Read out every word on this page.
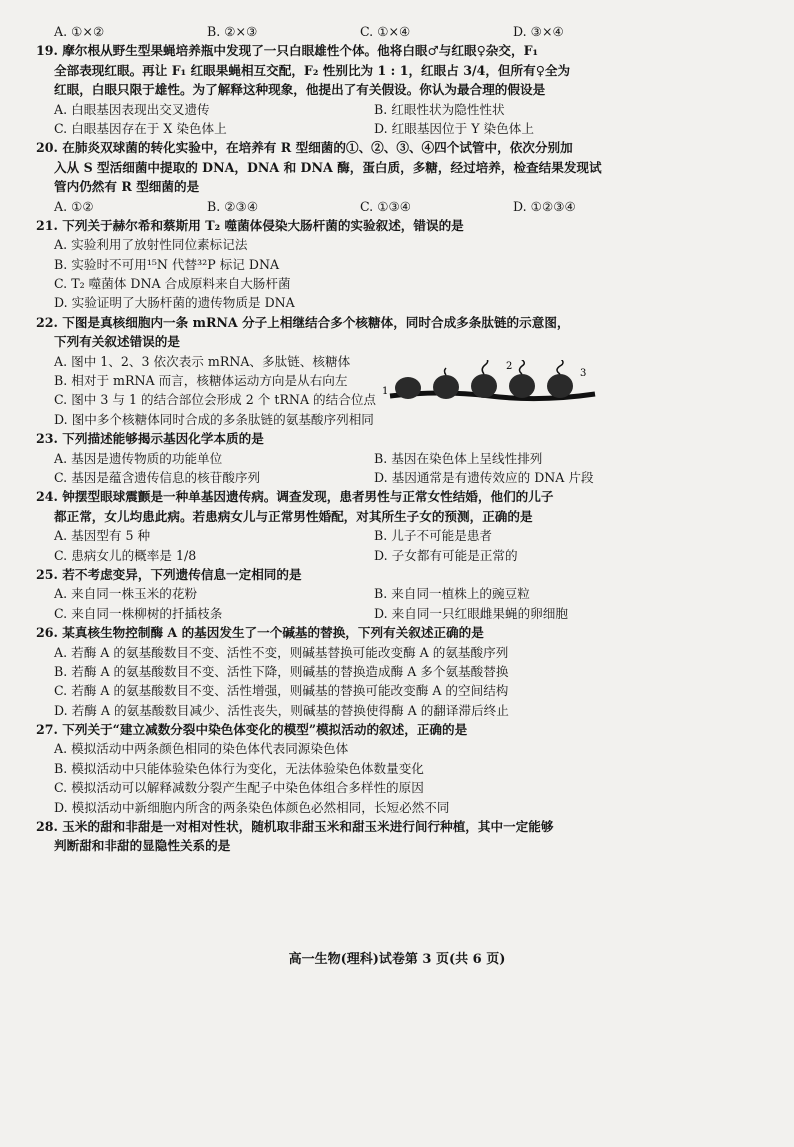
A. ①×②	B. ②×③	C. ①×④	D. ③×④
19. 摩尔根从野生型果蝇培养瓶中发现了一只白眼雄性个体。他将白眼♂与红眼♀杂交，F₁
全部表现红眼。再让 F₁ 红眼果蝇相互交配，F₂ 性别比为 1 : 1，红眼占 3/4，但所有♀全为
红眼，白眼只限于雄性。为了解释这种现象，他提出了有关假设。你认为最合理的假设是
A. 白眼基因表现出交叉遗传	B. 红眼性状为隐性性状
C. 白眼基因存在于 X 染色体上	D. 红眼基因位于 Y 染色体上
20. 在肺炎双球菌的转化实验中，在培养有 R 型细菌的①、②、③、④四个试管中，依次分别加
入从 S 型活细菌中提取的 DNA，DNA 和 DNA 酶，蛋白质，多糖，经过培养，检查结果发现试
管内仍然有 R 型细菌的是
A. ①②	B. ②③④	C. ①③④	D. ①②③④
21. 下列关于赫尔希和蔡斯用 T₂ 噬菌体侵染大肠杆菌的实验叙述，错误的是
A. 实验利用了放射性同位素标记法
B. 实验时不可用¹⁵N 代替³²P 标记 DNA
C. T₂ 噬菌体 DNA 合成原料来自大肠杆菌
D. 实验证明了大肠杆菌的遗传物质是 DNA
22. 下图是真核细胞内一条 mRNA 分子上相继结合多个核糖体，同时合成多条肽链的示意图，
下列有关叙述错误的是
A. 图中 1、2、3 依次表示 mRNA、多肽链、核糖体
B. 相对于 mRNA 而言，核糖体运动方向是从右向左
C. 图中 3 与 1 的结合部位会形成 2 个 tRNA 的结合位点
D. 图中多个核糖体同时合成的多条肽链的氨基酸序列相同
23. 下列描述能够揭示基因化学本质的是
A. 基因是遗传物质的功能单位	B. 基因在染色体上呈线性排列
C. 基因是蕴含遗传信息的核苷酸序列	D. 基因通常是有遗传效应的 DNA 片段
24. 钟摆型眼球震颤是一种单基因遗传病。调查发现，患者男性与正常女性结婚，他们的儿子
都正常，女儿均患此病。若患病女儿与正常男性婚配，对其所生子女的预测，正确的是
A. 基因型有 5 种	B. 儿子不可能是患者
C. 患病女儿的概率是 1/8	D. 子女都有可能是正常的
25. 若不考虑变异，下列遗传信息一定相同的是
A. 来自同一株玉米的花粉	B. 来自同一植株上的豌豆粒
C. 来自同一株柳树的扦插枝条	D. 来自同一只红眼雌果蝇的卵细胞
26. 某真核生物控制酶 A 的基因发生了一个碱基的替换，下列有关叙述正确的是
A. 若酶 A 的氨基酸数目不变、活性不变，则碱基替换可能改变酶 A 的氨基酸序列
B. 若酶 A 的氨基酸数目不变、活性下降，则碱基的替换造成酶 A 多个氨基酸替换
C. 若酶 A 的氨基酸数目不变、活性增强，则碱基的替换可能改变酶 A 的空间结构
D. 若酶 A 的氨基酸数目减少、活性丧失，则碱基的替换使得酶 A 的翻译滞后终止
27. 下列关于“建立减数分裂中染色体变化的模型”模拟活动的叙述，正确的是
A. 模拟活动中两条颜色相同的染色体代表同源染色体
B. 模拟活动中只能体验染色体行为变化，无法体验染色体数量变化
C. 模拟活动可以解释减数分裂产生配子中染色体组合多样性的原因
D. 模拟活动中新细胞内所含的两条染色体颜色必然相同，长短必然不同
28. 玉米的甜和非甜是一对相对性状，随机取非甜玉米和甜玉米进行间行种植，其中一定能够
判断甜和非甜的显隐性关系的是
1
2
3
高一生物(理科)试卷第 3 页(共 6 页)
